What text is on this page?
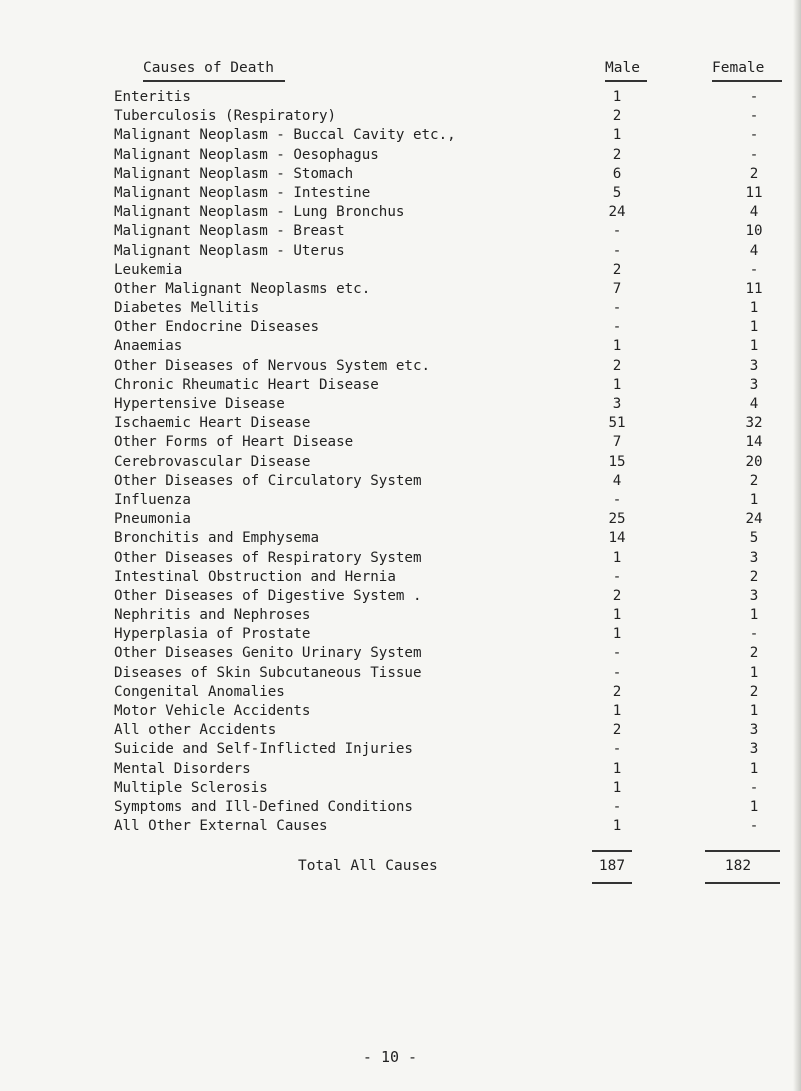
Causes of Death	Male	Female
Enteritis	1	-
Tuberculosis (Respiratory)	2	-
Malignant Neoplasm - Buccal Cavity etc.,	1	-
Malignant Neoplasm - Oesophagus	2	-
Malignant Neoplasm - Stomach	6	2
Malignant Neoplasm - Intestine	5	11
Malignant Neoplasm - Lung Bronchus	24	4
Malignant Neoplasm - Breast	-	10
Malignant Neoplasm - Uterus	-	4
Leukemia	2	-
Other Malignant Neoplasms etc.	7	11
Diabetes Mellitis	-	1
Other Endocrine Diseases	-	1
Anaemias	1	1
Other Diseases of Nervous System etc.	2	3
Chronic Rheumatic Heart Disease	1	3
Hypertensive Disease	3	4
Ischaemic Heart Disease	51	32
Other Forms of Heart Disease	7	14
Cerebrovascular Disease	15	20
Other Diseases of Circulatory System	4	2
Influenza	-	1
Pneumonia	25	24
Bronchitis and Emphysema	14	5
Other Diseases of Respiratory System	1	3
Intestinal Obstruction and Hernia	-	2
Other Diseases of Digestive System .	2	3
Nephritis and Nephroses	1	1
Hyperplasia of Prostate	1	-
Other Diseases Genito Urinary System	-	2
Diseases of Skin Subcutaneous Tissue	-	1
Congenital Anomalies	2	2
Motor Vehicle Accidents	1	1
All other Accidents	2	3
Suicide and Self-Inflicted Injuries	-	3
Mental Disorders	1	1
Multiple Sclerosis	1	-
Symptoms and Ill-Defined Conditions	-	1
All Other External Causes	1	-
Total All Causes	187	182
- 10 -
